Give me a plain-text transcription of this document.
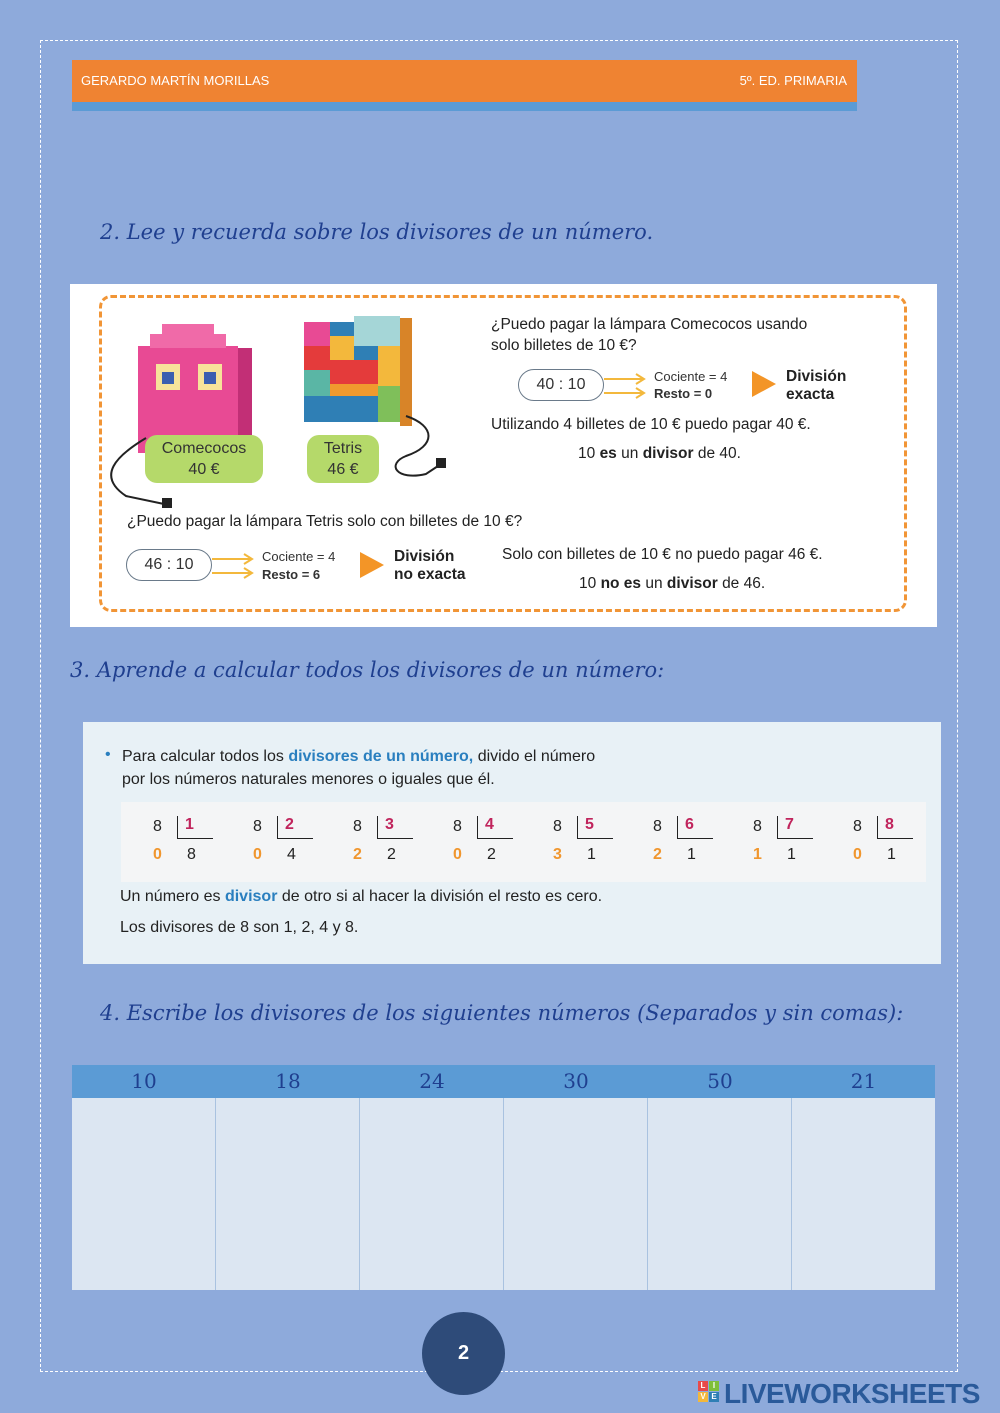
GERARDO MARTÍN MORILLAS	5º. ED. PRIMARIA
2. Lee y recuerda sobre los divisores de un número.
Comecocos
40 €
Tetris
46 €
¿Puedo pagar la lámpara Comecocos usando
solo billetes de 10 €?
40 : 10	Cociente = 4
Resto = 0
División
exacta
Utilizando 4 billetes de 10 € puedo pagar 40 €.
10 es un divisor de 40.
¿Puedo pagar la lámpara Tetris solo con billetes de 10 €?
46 : 10	Cociente = 4
Resto = 6
División
no exacta
Solo con billetes de 10 € no puedo pagar 46 €.
10 no es un divisor de 46.
3. Aprende a calcular todos los divisores de un número:
• Para calcular todos los divisores de un número, divido el número
por los números naturales menores o iguales que él.
8	1
0 8
8	2
0 4
8	3
2 2
8	4
0 2
8	5
3 1
8	6
2 1
8	7
1 1
8	8
0 1
Un número es divisor de otro si al hacer la división el resto es cero.
Los divisores de 8 son 1, 2, 4 y 8.
4. Escribe los divisores de los siguientes números (Separados y sin comas):
10	18	24	30	50	21
2
L I
V E LIVEWORKSHEETS
